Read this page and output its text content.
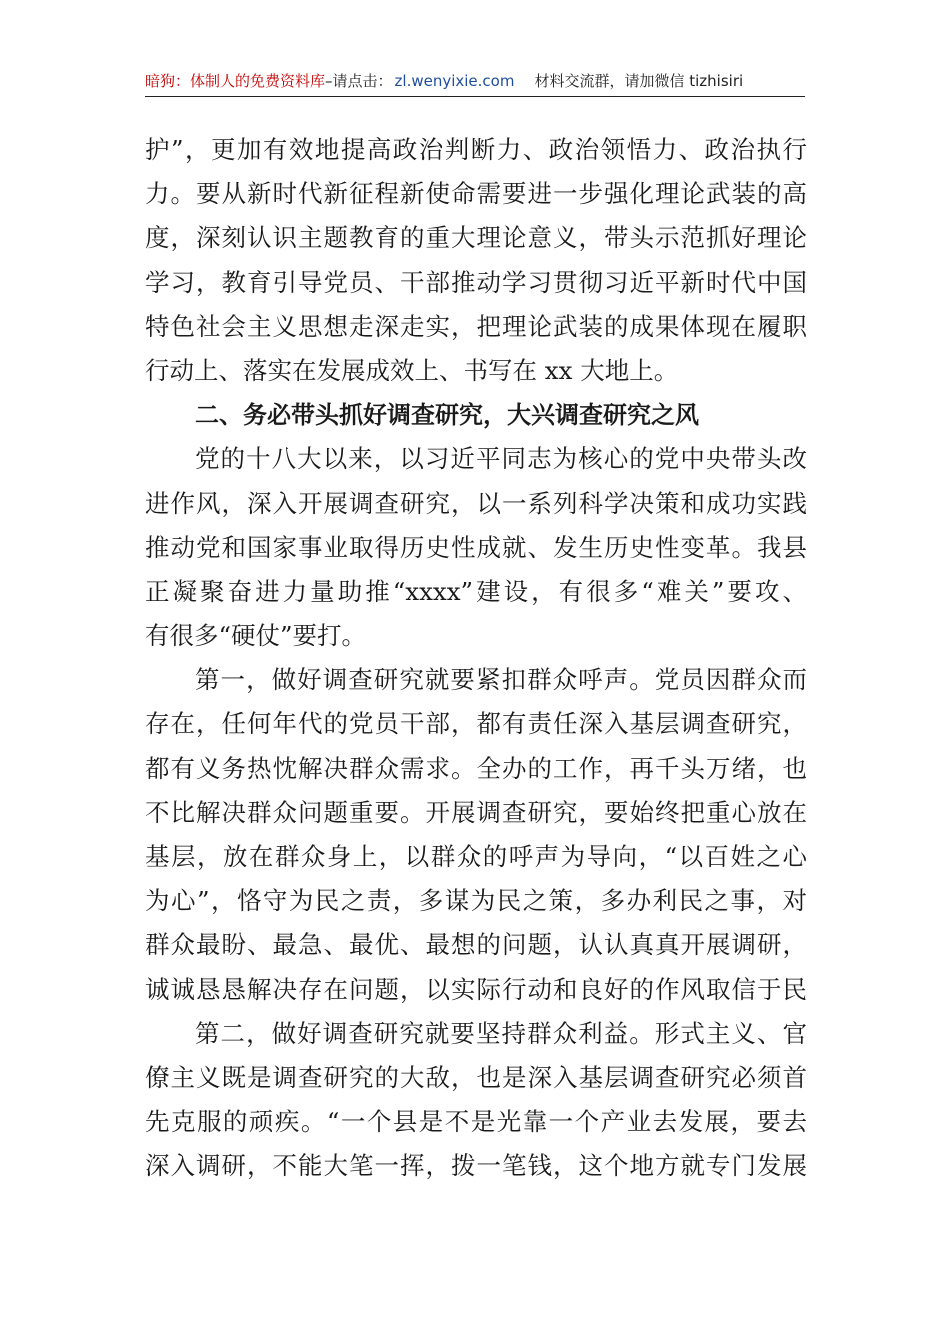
暗狗：体制人的免费资料库–请点击： zl.wenyixie.com 材料交流群，请加微信 tizhisiri
护”，更加有效地提高政治判断力、政治领悟力、政治执行
力。要从新时代新征程新使命需要进一步强化理论武装的高
度，深刻认识主题教育的重大理论意义，带头示范抓好理论
学习，教育引导党员、干部推动学习贯彻习近平新时代中国
特色社会主义思想走深走实，把理论武装的成果体现在履职
行动上、落实在发展成效上、书写在 xx 大地上。
二、务必带头抓好调查研究，大兴调查研究之风
党的十八大以来，以习近平同志为核心的党中央带头改
进作风，深入开展调查研究，以一系列科学决策和成功实践
推动党和国家事业取得历史性成就、发生历史性变革。我县
正凝聚奋进力量助推“xxxx”建设，有很多“难关”要攻、
有很多“硬仗”要打。
第一，做好调查研究就要紧扣群众呼声。党员因群众而
存在，任何年代的党员干部，都有责任深入基层调查研究，
都有义务热忱解决群众需求。全办的工作，再千头万绪，也
不比解决群众问题重要。开展调查研究，要始终把重心放在
基层，放在群众身上，以群众的呼声为导向，“以百姓之心
为心”，恪守为民之责，多谋为民之策，多办利民之事，对
群众最盼、最急、最优、最想的问题，认认真真开展调研，
诚诚恳恳解决存在问题，以实际行动和良好的作风取信于民
第二，做好调查研究就要坚持群众利益。形式主义、官
僚主义既是调查研究的大敌，也是深入基层调查研究必须首
先克服的顽疾。“一个县是不是光靠一个产业去发展，要去
深入调研，不能大笔一挥，拨一笔钱，这个地方就专门发展
